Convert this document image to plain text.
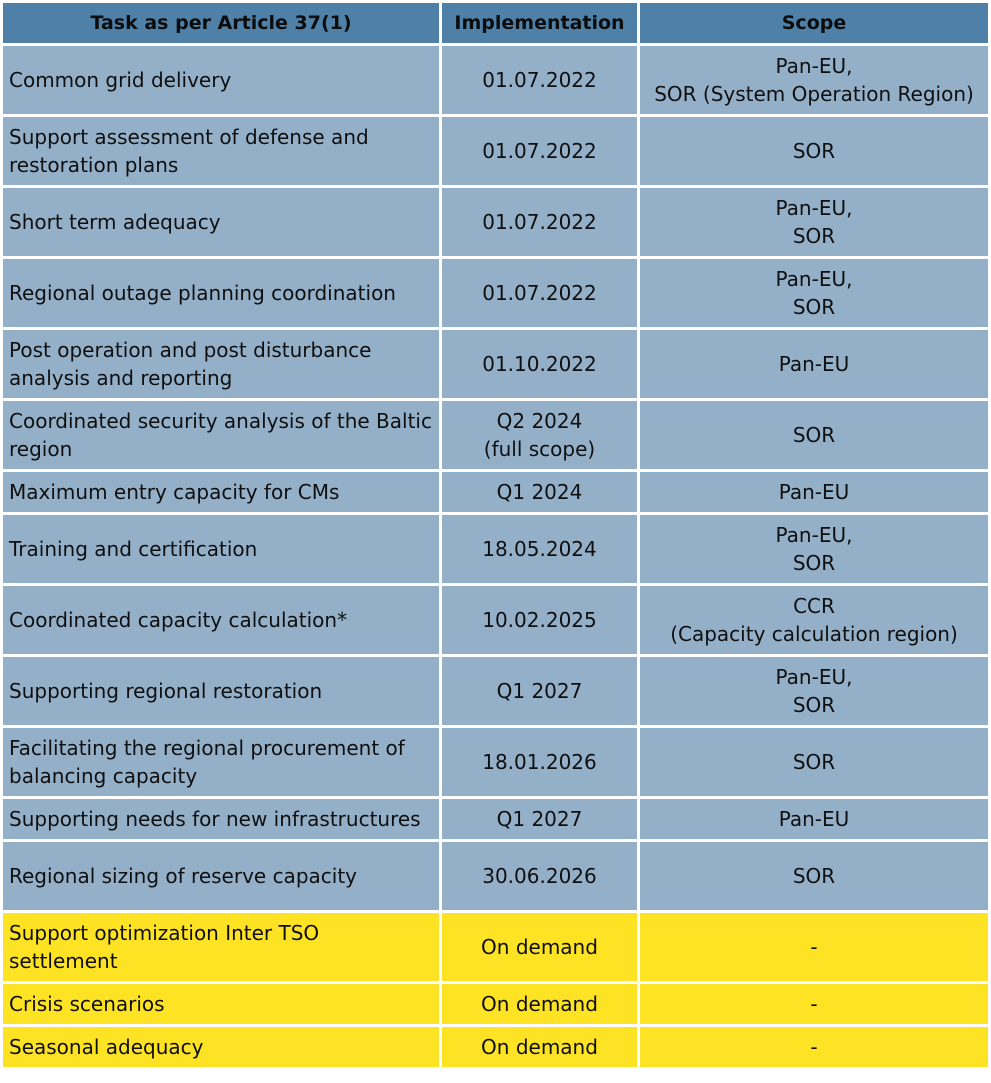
Task as per Article 37(1)	Implementation	Scope
Common grid delivery	01.07.2022	Pan-EU,
SOR (System Operation Region)

Support assessment of defense and restoration plans	01.07.2022	SOR

Short term adequacy	01.07.2022	Pan-EU,
SOR

Regional outage planning coordination	01.07.2022	Pan-EU,
SOR

Post operation and post disturbance analysis and reporting	01.10.2022	Pan-EU

Coordinated security analysis of the Baltic region	Q2 2024
(full scope)	SOR

Maximum entry capacity for CMs	Q1 2024	Pan-EU

Training and certification	18.05.2024	Pan-EU,
SOR

Coordinated capacity calculation*	10.02.2025	CCR
(Capacity calculation region)

Supporting regional restoration	Q1 2027	Pan-EU,
SOR

Facilitating the regional procurement of balancing capacity	18.01.2026	SOR

Supporting needs for new infrastructures	Q1 2027	Pan-EU

Regional sizing of reserve capacity	30.06.2026	SOR

Support optimization Inter TSO settlement	On demand	-

Crisis scenarios	On demand	-

Seasonal adequacy	On demand	-
